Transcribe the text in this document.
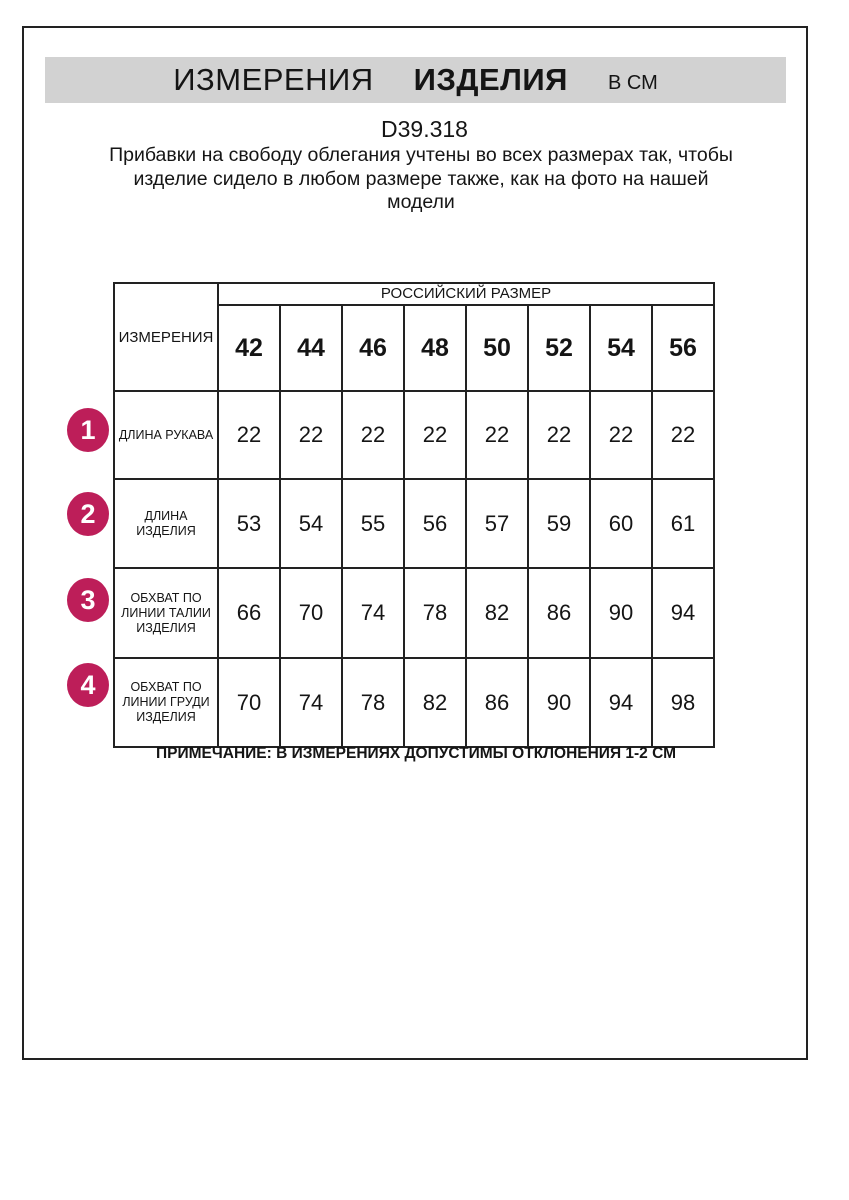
ИЗМЕРЕНИЯ ИЗДЕЛИЯ В СМ
D39.318
Прибавки на свободу облегания учтены во всех размерах так, чтобы изделие сидело в любом размере также, как на фото на нашей модели
ИЗМЕРЕНИЯ	РОССИЙСКИЙ РАЗМЕР							
	42	44	46	48	50	52	54	56
ДЛИНА РУКАВА	22	22	22	22	22	22	22	22
ДЛИНА ИЗДЕЛИЯ	53	54	55	56	57	59	60	61
ОБХВАТ ПО ЛИНИИ ТАЛИИ ИЗДЕЛИЯ	66	70	74	78	82	86	90	94
ОБХВАТ ПО ЛИНИИ ГРУДИ ИЗДЕЛИЯ	70	74	78	82	86	90	94	98
1
2
3
4
ПРИМЕЧАНИЕ: В ИЗМЕРЕНИЯХ ДОПУСТИМЫ ОТКЛОНЕНИЯ 1-2 СМ
